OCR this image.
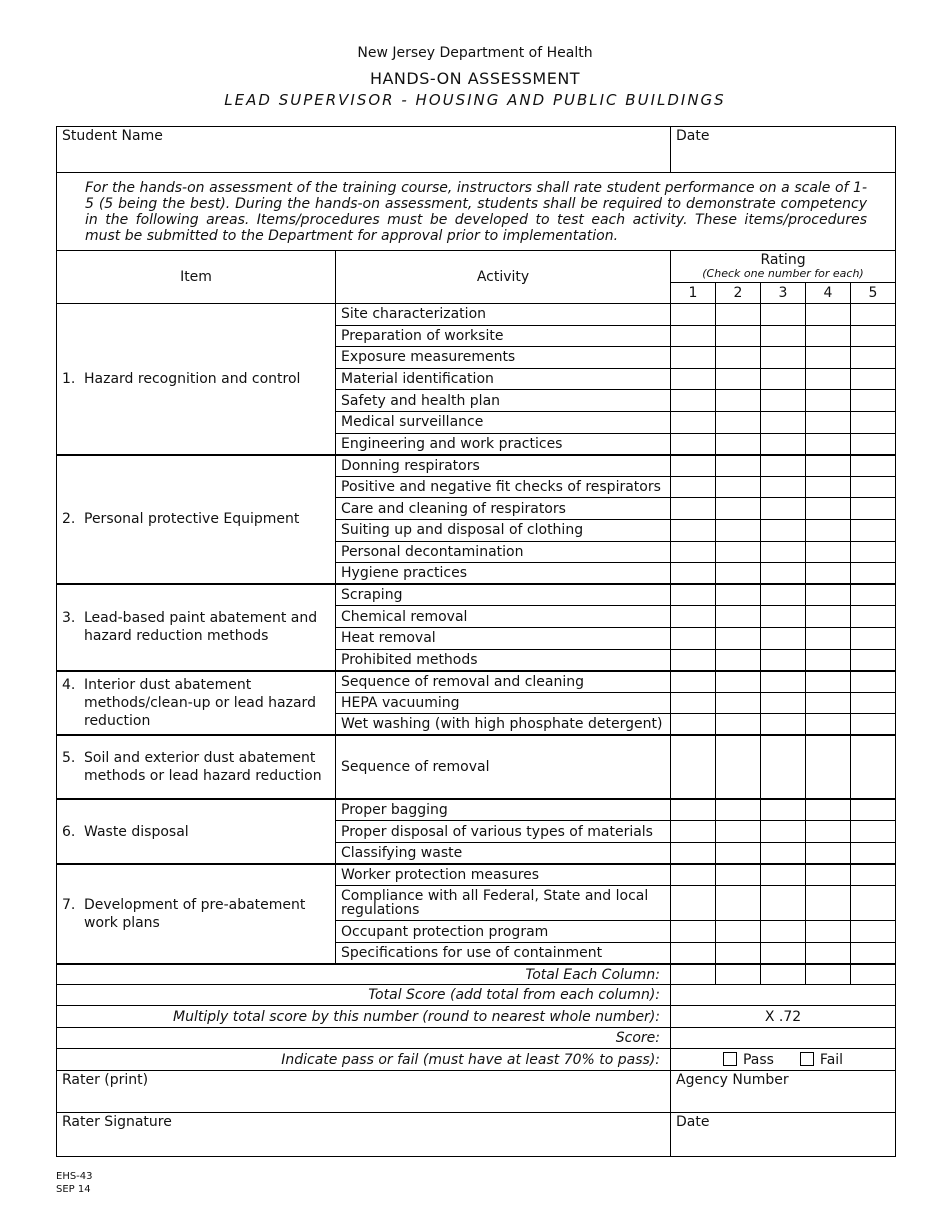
New Jersey Department of Health
HANDS-ON ASSESSMENT
LEAD SUPERVISOR - HOUSING AND PUBLIC BUILDINGS
Student Name		Date				
For the hands-on assessment of the training course, instructors shall rate student performance on a scale of 1-5 (5 being the best). During the hands-on assessment, students shall be required to demonstrate competency in the following areas. Items/procedures must be developed to test each activity. These items/procedures must be submitted to the Department for approval prior to implementation.						
Item	Activity	Rating
(Check one number for each)				

		1	2	3	4	5
1. Hazard recognition and control	Site characterization					
	Preparation of worksite					
	Exposure measurements					
	Material identification					
	Safety and health plan					
	Medical surveillance					
	Engineering and work practices					
2. Personal protective Equipment	Donning respirators					
	Positive and negative fit checks of respirators					
	Care and cleaning of respirators					
	Suiting up and disposal of clothing					
	Personal decontamination					
	Hygiene practices					
3. Lead-based paint abatement and hazard reduction methods	Scraping					
	Chemical removal					
	Heat removal					
	Prohibited methods					
4. Interior dust abatement methods/clean-up or lead hazard reduction	Sequence of removal and cleaning					
	HEPA vacuuming					
	Wet washing (with high phosphate detergent)					
5. Soil and exterior dust abatement methods or lead hazard reduction	Sequence of removal					
6. Waste disposal	Proper bagging					
	Proper disposal of various types of materials					
	Classifying waste					
7. Development of pre-abatement work plans	Worker protection measures					
	Compliance with all Federal, State and local regulations					
	Occupant protection program					
	Specifications for use of containment					
Total Each Column:						
Total Score (add total from each column):						
Multiply total score by this number (round to nearest whole number):		X .72				
Score:						
Indicate pass or fail (must have at least 70% to pass):		Pass Fail				
Rater (print)		Agency Number				
Rater Signature		Date				
EHS-43
SEP 14
